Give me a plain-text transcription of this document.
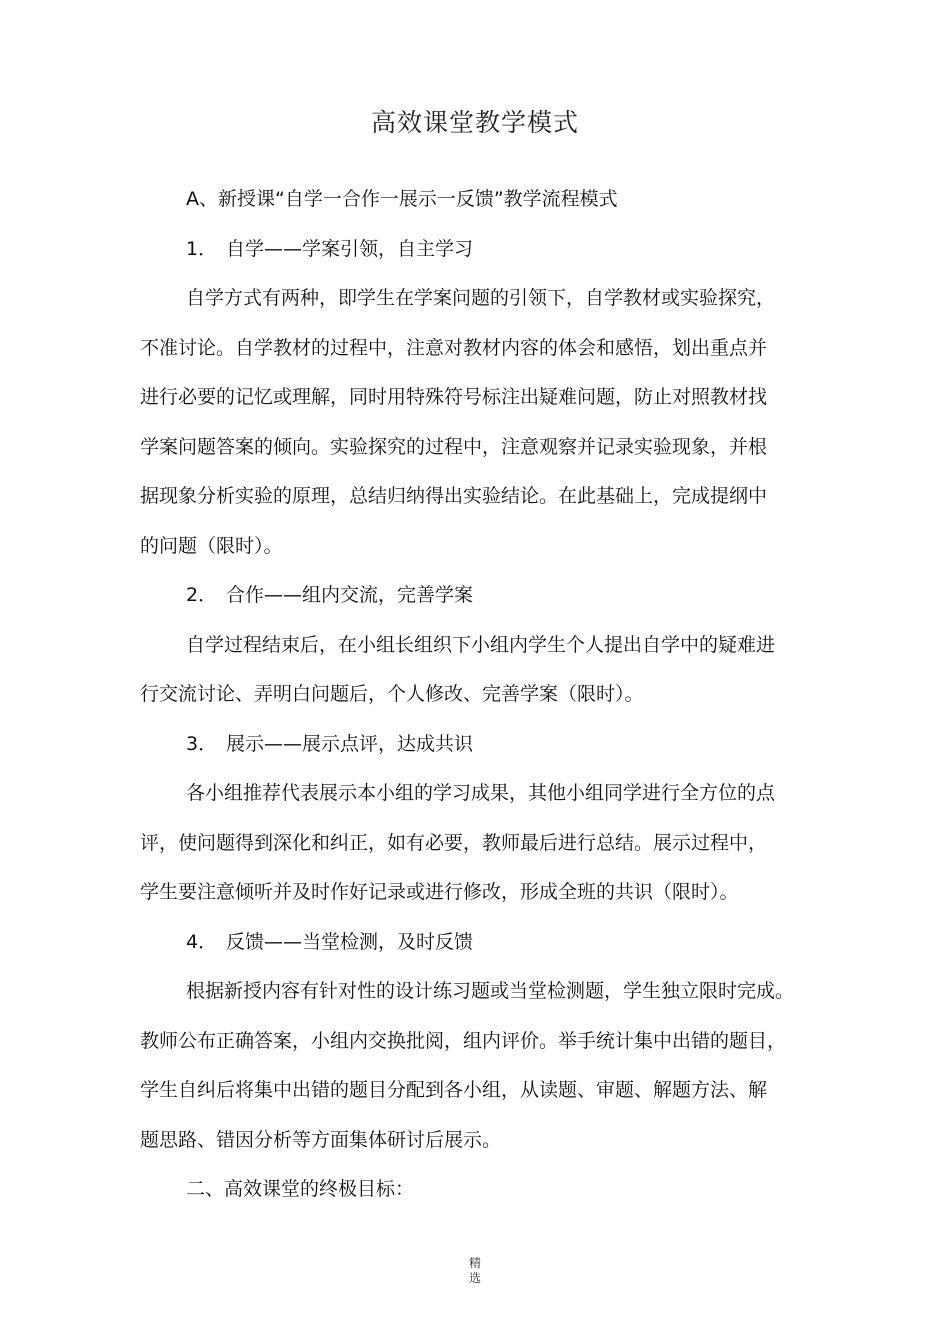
高效课堂教学模式

A、新授课“自学一合作一展示一反馈”教学流程模式

1． 自学——学案引领，自主学习

自学方式有两种，即学生在学案问题的引领下，自学教材或实验探究，

不准讨论。自学教材的过程中，注意对教材内容的体会和感悟，划出重点并

进行必要的记忆或理解，同时用特殊符号标注出疑难问题，防止对照教材找

学案问题答案的倾向。实验探究的过程中，注意观察并记录实验现象，并根

据现象分析实验的原理，总结归纳得出实验结论。在此基础上，完成提纲中

的问题（限时）。

2． 合作——组内交流，完善学案

自学过程结束后，在小组长组织下小组内学生个人提出自学中的疑难进

行交流讨论、弄明白问题后，个人修改、完善学案（限时）。

3． 展示——展示点评，达成共识

各小组推荐代表展示本小组的学习成果，其他小组同学进行全方位的点

评，使问题得到深化和纠正，如有必要，教师最后进行总结。展示过程中，

学生要注意倾听并及时作好记录或进行修改，形成全班的共识（限时）。

4． 反馈——当堂检测，及时反馈

根据新授内容有针对性的设计练习题或当堂检测题，学生独立限时完成。

教师公布正确答案，小组内交换批阅，组内评价。举手统计集中出错的题目，

学生自纠后将集中出错的题目分配到各小组，从读题、审题、解题方法、解

题思路、错因分析等方面集体研讨后展示。

二、高效课堂的终极目标：

精
选
